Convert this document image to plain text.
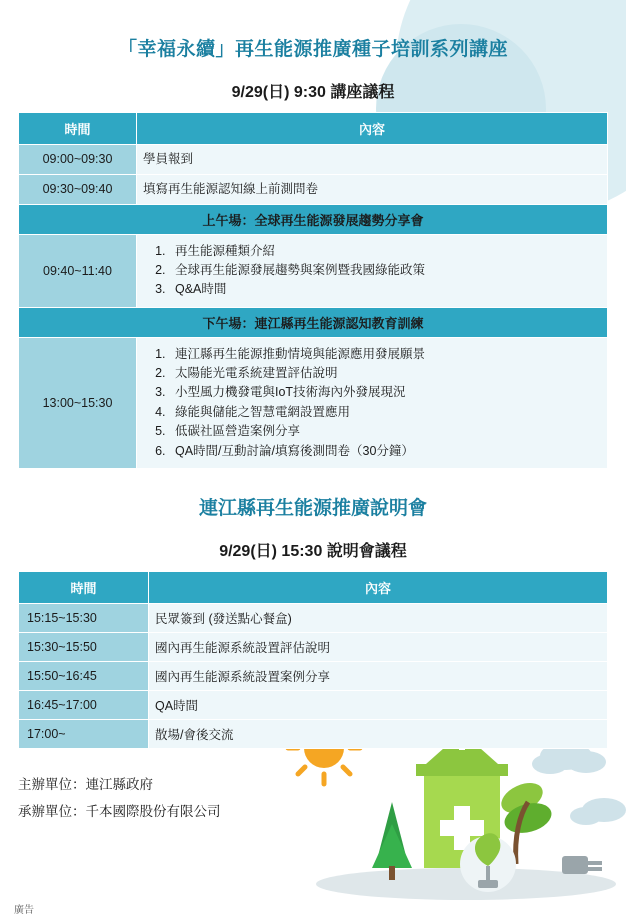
「幸福永續」再生能源推廣種子培訓系列講座
9/29(日) 9:30 講座議程
時間	內容
09:00~09:30	學員報到
09:30~09:40	填寫再生能源認知線上前測問卷
上午場：全球再生能源發展趨勢分享會	
09:40~11:40	
1. 再生能源種類介紹
2. 全球再生能源發展趨勢與案例暨我國綠能政策
3. Q&A時間

下午場：連江縣再生能源認知教育訓練	
13:00~15:30	
1. 連江縣再生能源推動情境與能源應用發展願景
2. 太陽能光電系統建置評估說明
3. 小型風力機發電與IoT技術海內外發展現況
4. 綠能與儲能之智慧電網設置應用
5. 低碳社區營造案例分享
6. QA時間/互動討論/填寫後測問卷（30分鐘）
連江縣再生能源推廣說明會
9/29(日) 15:30 說明會議程
時間	內容
15:15~15:30	民眾簽到 (發送點心餐盒)
15:30~15:50	國內再生能源系統設置評估說明
15:50~16:45	國內再生能源系統設置案例分享
16:45~17:00	QA時間
17:00~	散場/會後交流
主辦單位：連江縣政府
承辦單位：千本國際股份有限公司
廣告
